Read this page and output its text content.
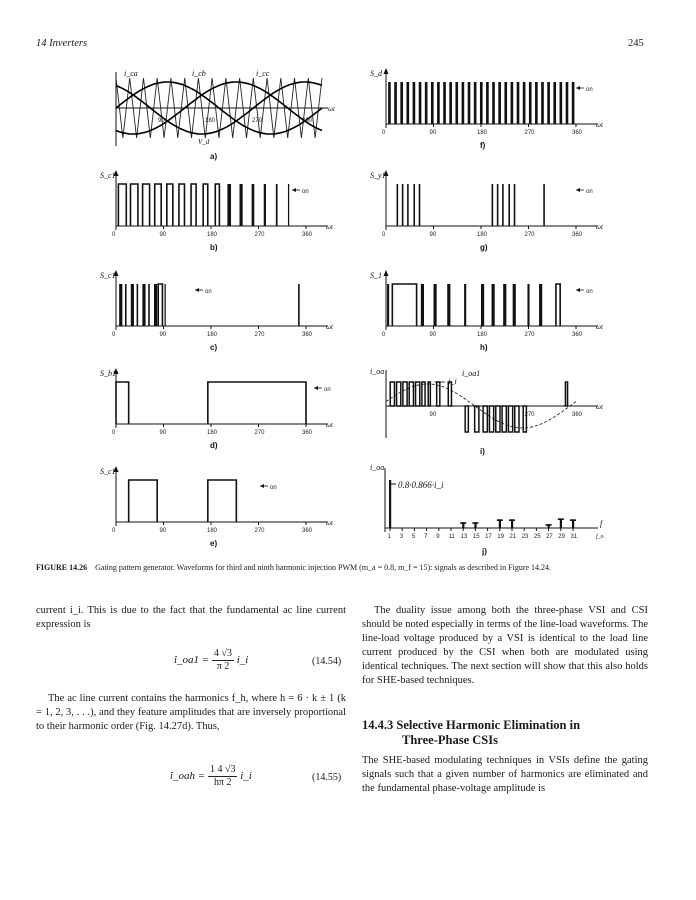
14 Inverters	245
i_ca	i_cb	i_cc
90	180	270	360
V_d
ωt
a)
i_oa
0.8·0.866·i_i
1 3 5 7 9 11 13 15 17 19 21 23 25 27 29 31
f
f_o
j)
FIGURE 14.26 Gating pattern generator. Waveforms for third and ninth harmonic injection PWM (m_a = 0.8, m_f = 15): signals as described in Figure 14.24.
current i_i. This is due to the fact that the fundamental ac line current expression is
î_oa1 = $\frac{4 √3}{\pi 2}$ i_i	(14.54)
The ac line current contains the harmonics f_h, where h = 6 · k ± 1 (k = 1, 2, 3, . . .), and they feature amplitudes that are inversely proportional to their harmonic order (Fig. 14.27d). Thus,
î_oah = $\frac{1 4 √3}{h\pi 2}$ i_i	(14.55)
The duality issue among both the three-phase VSI and CSI should be noted especially in terms of the line-load waveforms. The line-load voltage produced by a VSI is identical to the load line current produced by the CSI when both are modulated using identical techniques. The next section will show that this also holds for SHE-based techniques.
14.4.3 Selective Harmonic Elimination in
Three-Phase CSIs
The SHE-based modulating techniques in VSIs define the gating signals such that a given number of harmonics are eliminated and the fundamental phase-voltage amplitude is
0	90	180	270	360
S_c1
on
ωt
b)
0	90	180	270	360
S_c1
on
ωt
c)
0	90	180	270	360
S_b1
on
ωt
d)
0	90	180	270	360
S_c1
on
ωt
e)
0	90	180	270	360
S_d
on
ωt
f)
0	90	180	270	360
S_y1
on
ωt
g)
0	90	180	270	360
S_1
on
ωt
h)
i_oa	i_oa1
i_i
90	270	360
ωt
i)
